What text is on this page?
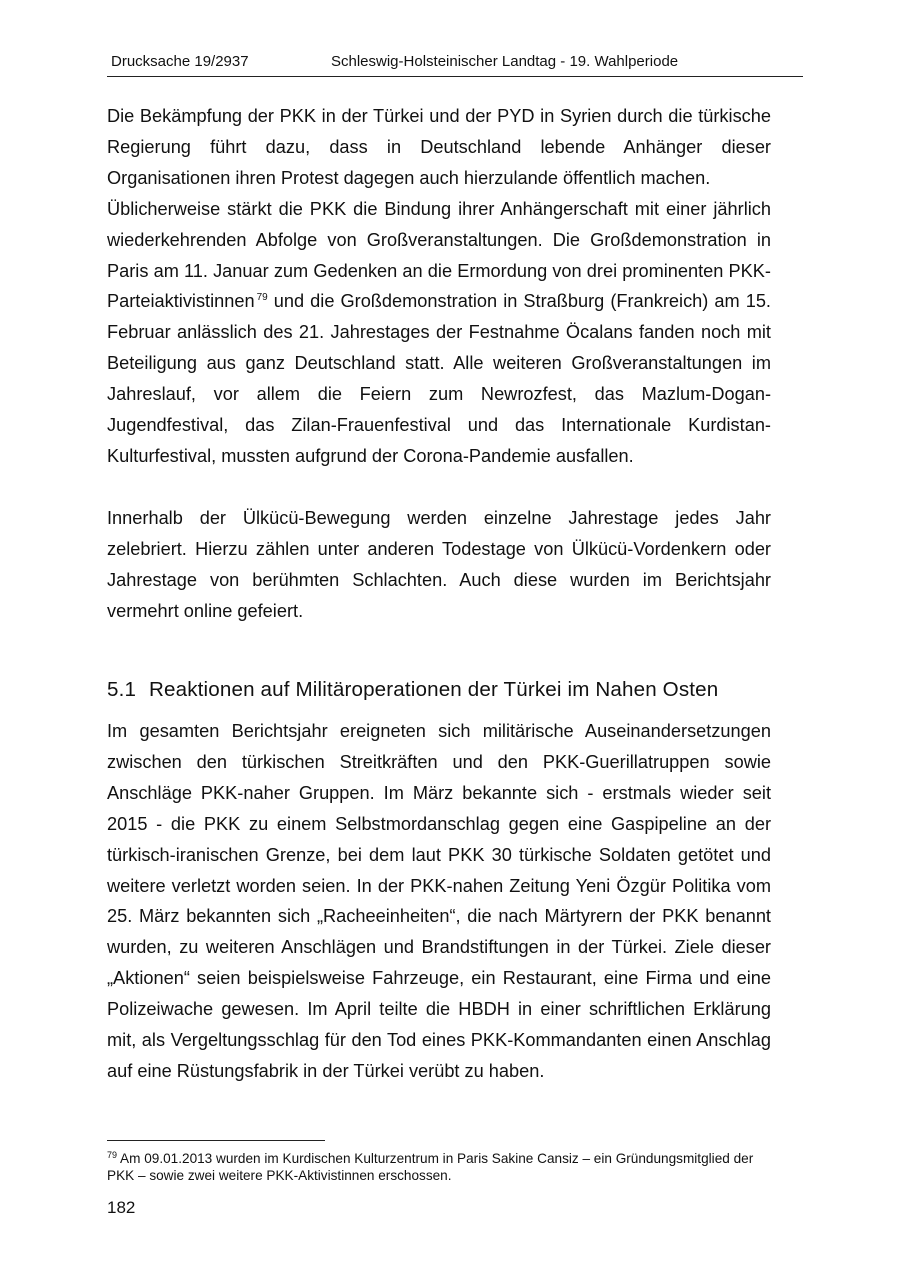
Drucksache 19/2937	Schleswig-Holsteinischer Landtag - 19. Wahlperiode

Die Bekämpfung der PKK in der Türkei und der PYD in Syrien durch die türkische Regierung führt dazu, dass in Deutschland lebende Anhänger dieser Organisationen ihren Protest dagegen auch hierzulande öffentlich machen.

Üblicherweise stärkt die PKK die Bindung ihrer Anhängerschaft mit einer jährlich wiederkehrenden Abfolge von Großveranstaltungen. Die Großdemonstration in Paris am 11. Januar zum Gedenken an die Ermordung von drei prominenten PKK-Parteiaktivistinnen $^{79}$ und die Großdemonstration in Straßburg (Frankreich) am 15. Februar anlässlich des 21. Jahrestages der Festnahme Öcalans fanden noch mit Beteiligung aus ganz Deutschland statt. Alle weiteren Großveranstaltungen im Jahreslauf, vor allem die Feiern zum Newrozfest, das Mazlum-Dogan-Jugendfestival, das Zilan-Frauenfestival und das Internationale Kurdistan-Kulturfestival, mussten aufgrund der Corona-Pandemie ausfallen.

Innerhalb der Ülkücü-Bewegung werden einzelne Jahrestage jedes Jahr zelebriert. Hierzu zählen unter anderen Todestage von Ülkücü-Vordenkern oder Jahrestage von berühmten Schlachten. Auch diese wurden im Berichtsjahr vermehrt online gefeiert.

5.1 Reaktionen auf Militäroperationen der Türkei im Nahen Osten

Im gesamten Berichtsjahr ereigneten sich militärische Auseinandersetzungen zwischen den türkischen Streitkräften und den PKK-Guerillatruppen sowie Anschläge PKK-naher Gruppen. Im März bekannte sich - erstmals wieder seit 2015 - die PKK zu einem Selbstmordanschlag gegen eine Gaspipeline an der türkisch-iranischen Grenze, bei dem laut PKK 30 türkische Soldaten getötet und weitere verletzt worden seien. In der PKK-nahen Zeitung Yeni Özgür Politika vom 25. März bekannten sich „Racheeinheiten“, die nach Märtyrern der PKK benannt wurden, zu weiteren Anschlägen und Brandstiftungen in der Türkei. Ziele dieser „Aktionen“ seien beispielsweise Fahrzeuge, ein Restaurant, eine Firma und eine Polizeiwache gewesen. Im April teilte die HBDH in einer schriftlichen Erklärung mit, als Vergeltungsschlag für den Tod eines PKK-Kommandanten einen Anschlag auf eine Rüstungsfabrik in der Türkei verübt zu haben.

$^{79}$ Am 09.01.2013 wurden im Kurdischen Kulturzentrum in Paris Sakine Cansiz – ein Gründungsmitglied der PKK – sowie zwei weitere PKK-Aktivistinnen erschossen.
182
